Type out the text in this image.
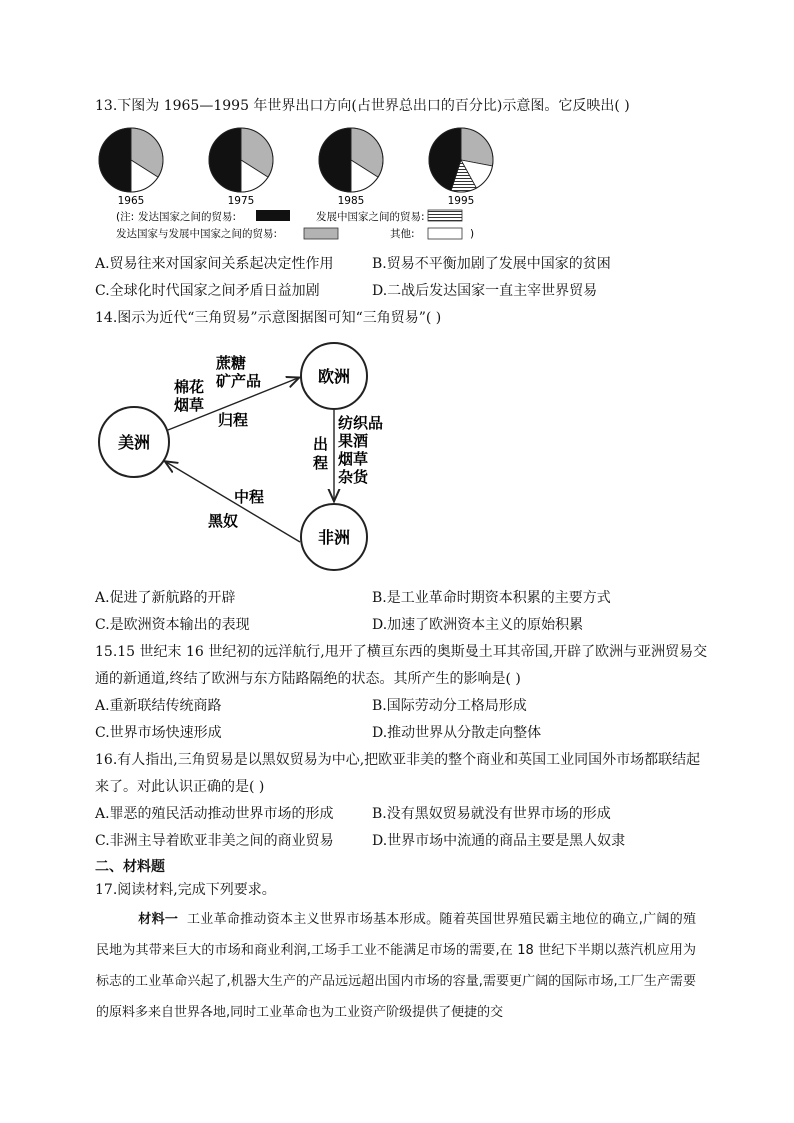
13.下图为 1965—1995 年世界出口方向(占世界总出口的百分比)示意图。它反映出( )
1965	1975	1985	1995
(注: 发达国家之间的贸易:	发展中国家之间的贸易:
发达国家与发展中国家之间的贸易:	其他:	)
A.贸易往来对国家间关系起决定性作用	B.贸易不平衡加剧了发展中国家的贫困
C.全球化时代国家之间矛盾日益加剧	D.二战后发达国家一直主宰世界贸易
14.图示为近代“三角贸易”示意图据图可知“三角贸易”( )
美洲
欧洲
非洲
蔗糖
矿产品
棉花
烟草
归程
出
程
纺织品
果酒
烟草
杂货
中程
黑奴
A.促进了新航路的开辟	B.是工业革命时期资本积累的主要方式
C.是欧洲资本输出的表现	D.加速了欧洲资本主义的原始积累
15.15 世纪末 16 世纪初的远洋航行,甩开了横亘东西的奥斯曼土耳其帝国,开辟了欧洲与亚洲贸易交
通的新通道,终结了欧洲与东方陆路隔绝的状态。其所产生的影响是( )
A.重新联结传统商路	B.国际劳动分工格局形成
C.世界市场快速形成	D.推动世界从分散走向整体
16.有人指出,三角贸易是以黑奴贸易为中心,把欧亚非美的整个商业和英国工业同国外市场都联结起
来了。对此认识正确的是( )
A.罪恶的殖民活动推动世界市场的形成	B.没有黑奴贸易就没有世界市场的形成
C.非洲主导着欧亚非美之间的商业贸易	D.世界市场中流通的商品主要是黑人奴隶
二、材料题
17.阅读材料,完成下列要求。
材料一 工业革命推动资本主义世界市场基本形成。随着英国世界殖民霸主地位的确立,广阔的殖民地为其带来巨大的市场和商业利润,工场手工业不能满足市场的需要,在 18 世纪下半期以蒸汽机应用为标志的工业革命兴起了,机器大生产的产品远远超出国内市场的容量,需要更广阔的国际市场,工厂生产需要的原料多来自世界各地,同时工业革命也为工业资产阶级提供了便捷的交
